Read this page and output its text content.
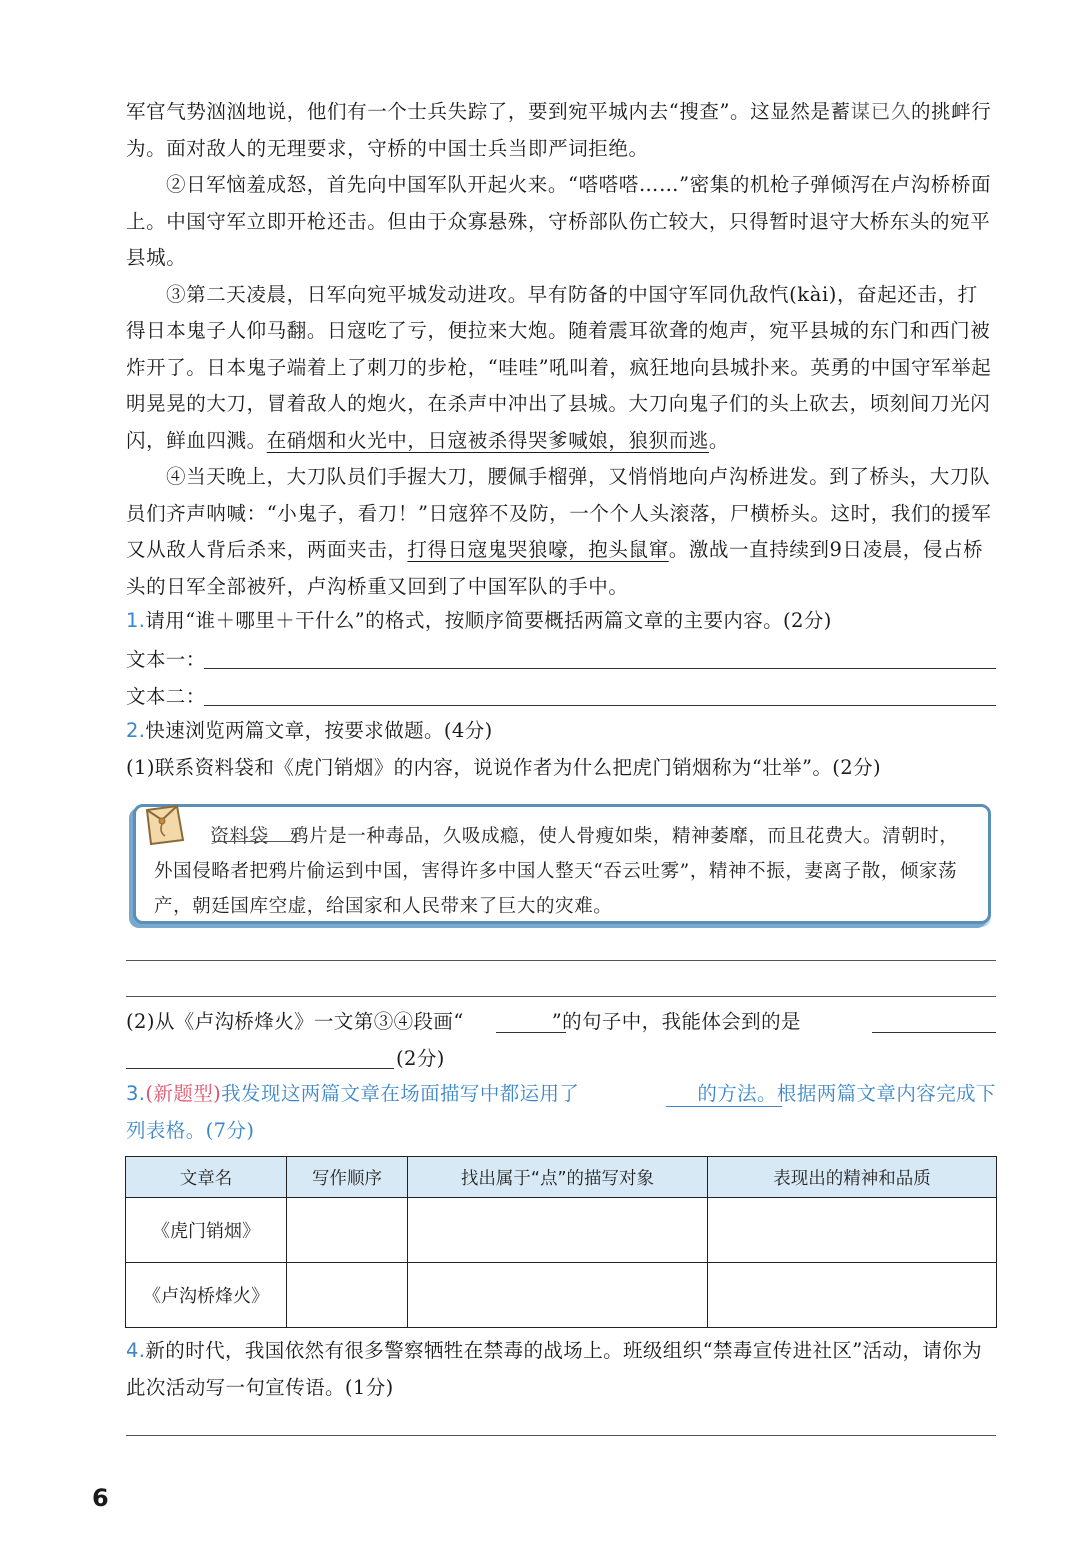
军官气势汹汹地说，他们有一个士兵失踪了，要到宛平城内去“搜查”。这显然是蓄谋已久的挑衅行为。面对敌人的无理要求，守桥的中国士兵当即严词拒绝。

②日军恼羞成怒，首先向中国军队开起火来。“嗒嗒嗒……”密集的机枪子弹倾泻在卢沟桥桥面上。中国守军立即开枪还击。但由于众寡悬殊，守桥部队伤亡较大，只得暂时退守大桥东头的宛平县城。

③第二天凌晨，日军向宛平城发动进攻。早有防备的中国守军同仇敌忾(kài)，奋起还击，打得日本鬼子人仰马翻。日寇吃了亏，便拉来大炮。随着震耳欲聋的炮声，宛平县城的东门和西门被炸开了。日本鬼子端着上了刺刀的步枪，“哇哇”吼叫着，疯狂地向县城扑来。英勇的中国守军举起明晃晃的大刀，冒着敌人的炮火，在杀声中冲出了县城。大刀向鬼子们的头上砍去，顷刻间刀光闪闪，鲜血四溅。在硝烟和火光中，日寇被杀得哭爹喊娘，狼狈而逃。

④当天晚上，大刀队员们手握大刀，腰佩手榴弹，又悄悄地向卢沟桥进发。到了桥头，大刀队员们齐声呐喊：“小鬼子，看刀！”日寇猝不及防，一个个人头滚落，尸横桥头。这时，我们的援军又从敌人背后杀来，两面夹击，打得日寇鬼哭狼嚎，抱头鼠窜。激战一直持续到9日凌晨，侵占桥头的日军全部被歼，卢沟桥重又回到了中国军队的手中。

1.请用“谁＋哪里＋干什么”的格式，按顺序简要概括两篇文章的主要内容。(2分)
文本一：
文本二：
2.快速浏览两篇文章，按要求做题。(4分)
(1)联系资料袋和《虎门销烟》的内容，说说作者为什么把虎门销烟称为“壮举”。(2分)
资料袋 鸦片是一种毒品，久吸成瘾，使人骨瘦如柴，精神萎靡，而且花费大。清朝时，外国侵略者把鸦片偷运到中国，害得许多中国人整天“吞云吐雾”，精神不振，妻离子散，倾家荡产，朝廷国库空虚，给国家和人民带来了巨大的灾难。
(2)从《卢沟桥烽火》一文第③④段画“	”的句子中，我能体会到的是
(2分)
3.(新题型)我发现这两篇文章在场面描写中都运用了	的方法。根据两篇文章内容完成下列表格。(7分)
文章名	写作顺序	找出属于“点”的描写对象	表现出的精神和品质
《虎门销烟》			
《卢沟桥烽火》			
4.新的时代，我国依然有很多警察牺牲在禁毒的战场上。班级组织“禁毒宣传进社区”活动，请你为此次活动写一句宣传语。(1分)
6
